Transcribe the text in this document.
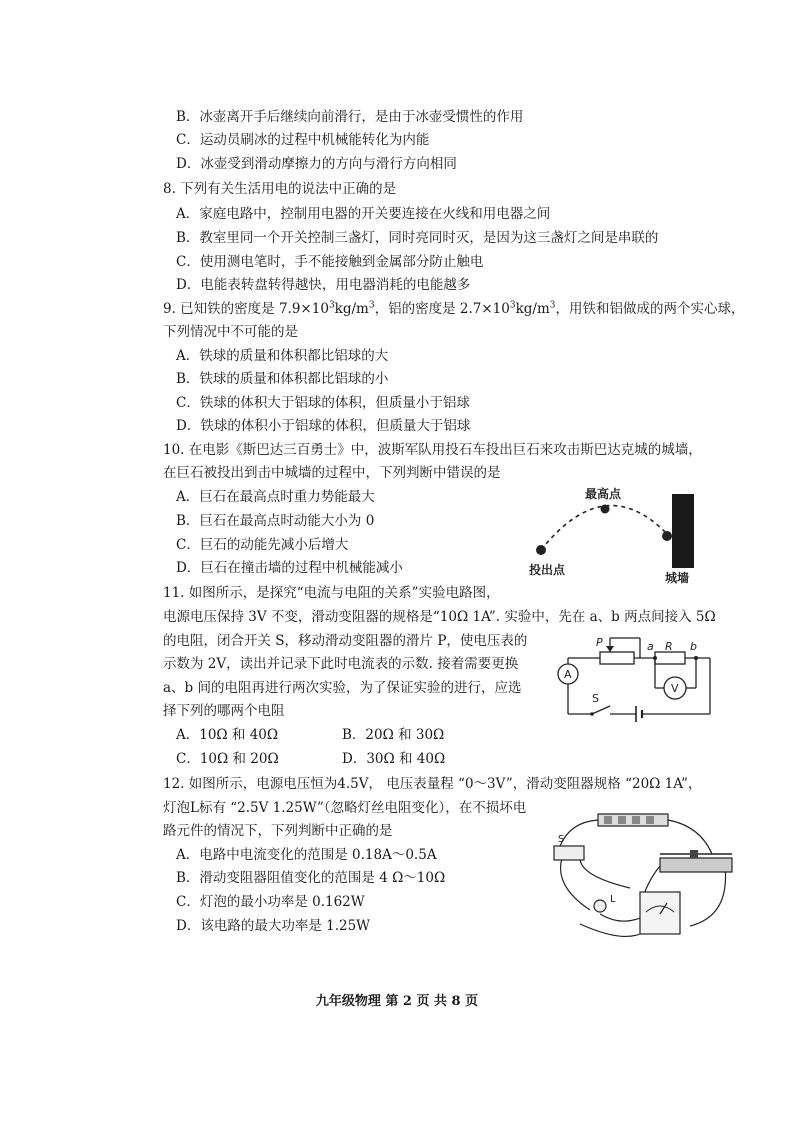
B．冰壶离开手后继续向前滑行，是由于冰壶受惯性的作用
C．运动员刷冰的过程中机械能转化为内能
D．冰壶受到滑动摩擦力的方向与滑行方向相同
8. 下列有关生活用电的说法中正确的是
A．家庭电路中，控制用电器的开关要连接在火线和用电器之间
B．教室里同一个开关控制三盏灯，同时亮同时灭，是因为这三盏灯之间是串联的
C．使用测电笔时，手不能接触到金属部分防止触电
D．电能表转盘转得越快，用电器消耗的电能越多
9. 已知铁的密度是 $7.9\times 10^3kg/m^3$，铝的密度是 $2.7\times 10^3kg/m^3$，用铁和铝做成的两个实心球，
下列情况中不可能的是
A．铁球的质量和体积都比铝球的大
B．铁球的质量和体积都比铝球的小
C．铁球的体积大于铝球的体积，但质量小于铝球
D．铁球的体积小于铝球的体积，但质量大于铝球
10. 在电影《斯巴达三百勇士》中，波斯军队用投石车投出巨石来攻击斯巴达克城的城墙，
在巨石被投出到击中城墙的过程中，下列判断中错误的是
A．巨石在最高点时重力势能最大
B．巨石在最高点时动能大小为 0
C．巨石的动能先减小后增大
D．巨石在撞击墙的过程中机械能减小
最高点
投出点
城墙
11. 如图所示，是探究“电流与电阻的关系”实验电路图，
电源电压保持 3V 不变，滑动变阻器的规格是“10Ω 1A”. 实验中，先在 a、b 两点间接入 5Ω
的电阻，闭合开关 S，移动滑动变阻器的滑片 P，使电压表的
示数为 2V，读出并记录下此时电流表的示数. 接着需要更换
a、b 间的电阻再进行两次实验，为了保证实验的进行，应选
择下列的哪两个电阻
A．10Ω 和 40Ω	B．20Ω 和 30Ω
C．10Ω 和 20Ω	D．30Ω 和 40Ω
P	a R b
A
V
S
12. 如图所示，电源电压恒为4.5V， 电压表量程 “0～3V”，滑动变阻器规格 “20Ω 1A”，
灯泡L标有 “2.5V 1.25W”（忽略灯丝电阻变化），在不损坏电
路元件的情况下，下列判断中正确的是
A．电路中电流变化的范围是 0.18A～0.5A
B．滑动变阻器阻值变化的范围是 4 Ω～10Ω
C．灯泡的最小功率是 0.162W
D．该电路的最大功率是 1.25W
S
L
九年级物理 第 2 页 共 8 页
